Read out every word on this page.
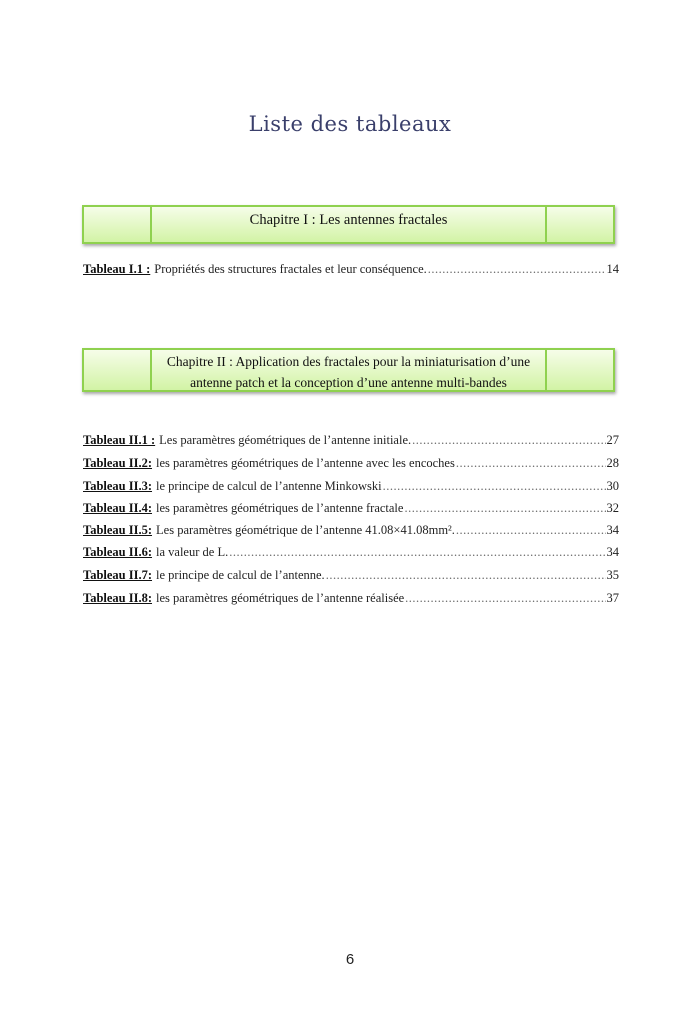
Liste des tableaux
Chapitre I : Les antennes fractales
Tableau I.1 : Propriétés des structures fractales et leur conséquence. .....	14
Chapitre II : Application des fractales pour la miniaturisation d’une
antenne patch et la conception d’une antenne multi-bandes
Tableau II.1 : Les paramètres géométriques de l’antenne initiale. .....	27
Tableau II.2: les paramètres géométriques de l’antenne avec les encoches .....	28
Tableau II.3: le principe de calcul de l’antenne Minkowski .....	30
Tableau II.4: les paramètres géométriques de l’antenne fractale .....	32
Tableau II.5: Les paramètres géométrique de l’antenne 41.08×41.08mm². .....	34
Tableau II.6: la valeur de L. .....	34
Tableau II.7: le principe de calcul de l’antenne. .....	35
Tableau II.8: les paramètres géométriques de l’antenne réalisée .....	37
6
